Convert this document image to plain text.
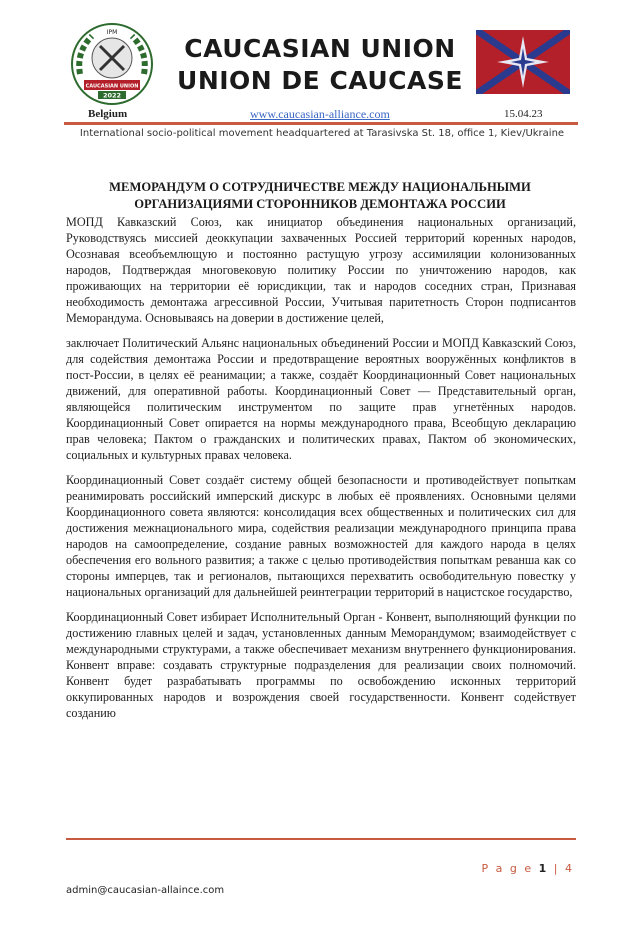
IPM
CAUCASIAN UNION
2022
CAUCASIAN UNION
UNION DE CAUCASE
Belgium	www.caucasian-alliance.com	15.04.23
International socio-political movement headquartered at Tarasivska St. 18, office 1, Kiev/Ukraine
МЕМОРАНДУМ О СОТРУДНИЧЕСТВЕ МЕЖДУ НАЦИОНАЛЬНЫМИ
ОРГАНИЗАЦИЯМИ СТОРОННИКОВ ДЕМОНТАЖА РОССИИ

МОПД Кавказский Союз, как инициатор объединения национальных организаций, Руководствуясь миссией деоккупации захваченных Россией территорий коренных народов, Осознавая всеобъемлющую и постоянно растущую угрозу ассимиляции колонизованных народов, Подтверждая многовековую политику России по уничтожению народов, как проживающих на территории её юрисдикции, так и народов соседних стран, Признавая необходимость демонтажа агрессивной России, Учитывая паритетность Сторон подписантов Меморандума. Основываясь на доверии в достижение целей,

заключает Политический Альянс национальных объединений России и МОПД Кавказский Союз, для содействия демонтажа России и предотвращение вероятных вооружённых конфликтов в пост-России, в целях её реанимации; а также, создаёт Координационный Совет национальных движений, для оперативной работы. Координационный Совет — Представительный орган, являющейся политическим инструментом по защите прав угнетённых народов. Координационный Совет опирается на нормы международного права, Всеобщую декларацию прав человека; Пактом о гражданских и политических правах, Пактом об экономических, социальных и культурных правах человека.

Координационный Совет создаёт систему общей безопасности и противодействует попыткам реанимировать российский имперский дискурс в любых её проявлениях. Основными целями Координационного совета являются: консолидация всех общественных и политических сил для достижения межнационального мира, содействия реализации международного принципа права народов на самоопределение, создание равных возможностей для каждого народа в целях обеспечения его вольного развития; а также с целью противодействия попыткам реванша как со стороны имперцев, так и регионалов, пытающихся перехватить освободительную повестку у национальных организаций для дальнейшей реинтеграции территорий в нацистское государство,

Координационный Совет избирает Исполнительный Орган - Конвент, выполняющий функции по достижению главных целей и задач, установленных данным Меморандумом; взаимодействует с международными структурами, а также обеспечивает механизм внутреннего функционирования. Конвент вправе: создавать структурные подразделения для реализации своих полномочий. Конвент будет разрабатывать программы по освобождению исконных территорий оккупированных народов и возрождения своей государственности. Конвент содействует созданию

P a g e 1 | 4
admin@caucasian-allaince.com
